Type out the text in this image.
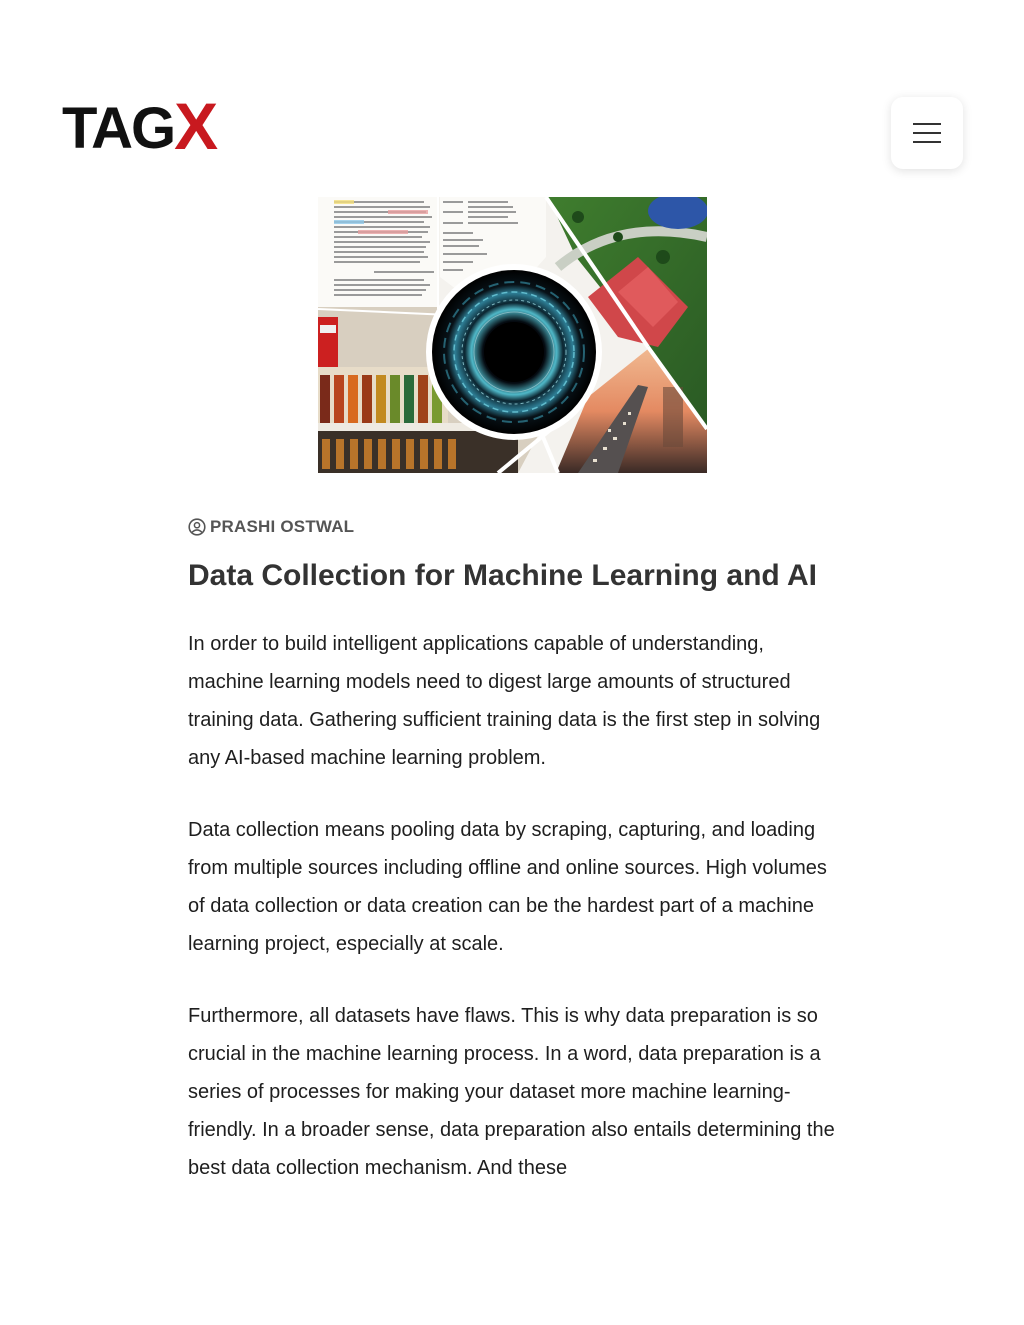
TAGX
PRASHI OSTWAL
Data Collection for Machine Learning and AI

In order to build intelligent applications capable of understanding, machine learning models need to digest large amounts of structured training data. Gathering sufficient training data is the first step in solving any AI-based machine learning problem.

Data collection means pooling data by scraping, capturing, and loading from multiple sources including offline and online sources. High volumes of data collection or data creation can be the hardest part of a machine learning project, especially at scale.

Furthermore, all datasets have flaws. This is why data preparation is so crucial in the machine learning process. In a word, data preparation is a series of processes for making your dataset more machine learning-friendly. In a broader sense, data preparation also entails determining the best data collection mechanism. And these
